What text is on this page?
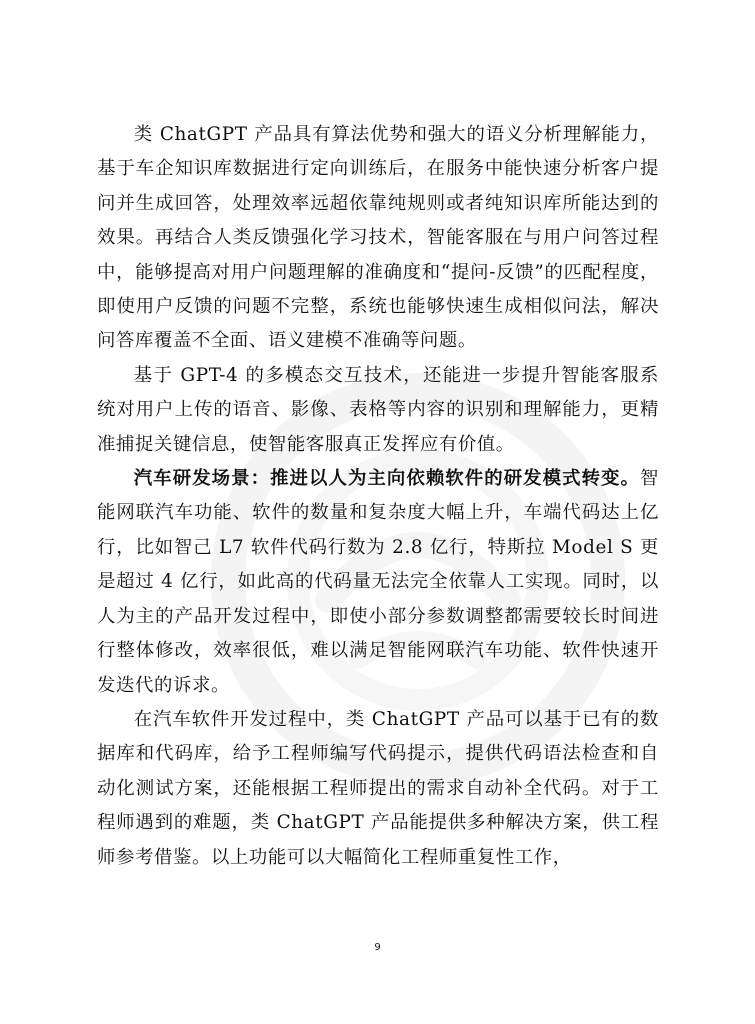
类 ChatGPT 产品具有算法优势和强大的语义分析理解能力，基于车企知识库数据进行定向训练后，在服务中能快速分析客户提问并生成回答，处理效率远超依靠纯规则或者纯知识库所能达到的效果。再结合人类反馈强化学习技术，智能客服在与用户问答过程中，能够提高对用户问题理解的准确度和“提问-反馈”的匹配程度，即使用户反馈的问题不完整，系统也能够快速生成相似问法，解决问答库覆盖不全面、语义建模不准确等问题。

基于 GPT-4 的多模态交互技术，还能进一步提升智能客服系统对用户上传的语音、影像、表格等内容的识别和理解能力，更精准捕捉关键信息，使智能客服真正发挥应有价值。

汽车研发场景：推进以人为主向依赖软件的研发模式转变。智能网联汽车功能、软件的数量和复杂度大幅上升，车端代码达上亿行，比如智己 L7 软件代码行数为 2.8 亿行，特斯拉 Model S 更是超过 4 亿行，如此高的代码量无法完全依靠人工实现。同时，以人为主的产品开发过程中，即使小部分参数调整都需要较长时间进行整体修改，效率很低，难以满足智能网联汽车功能、软件快速开发迭代的诉求。

在汽车软件开发过程中，类 ChatGPT 产品可以基于已有的数据库和代码库，给予工程师编写代码提示，提供代码语法检查和自动化测试方案，还能根据工程师提出的需求自动补全代码。对于工程师遇到的难题，类 ChatGPT 产品能提供多种解决方案，供工程师参考借鉴。以上功能可以大幅简化工程师重复性工作，

9
